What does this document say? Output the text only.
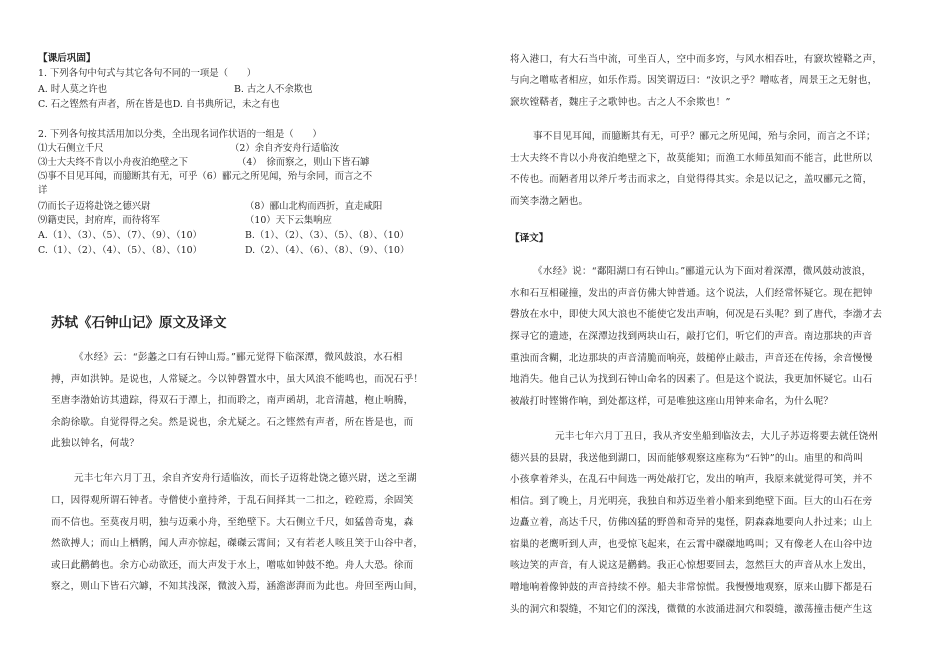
【课后巩固】
1. 下列各句中句式与其它各句不同的一项是（　　）
A. 时人莫之许也	B. 古之人不余欺也
C. 石之铿然有声者，所在皆是也D. 自书典所记，未之有也
2. 下列各句按其活用加以分类，全出现名词作状语的一组是（　　）
⑴大石侧立千尺	（2）余自齐安舟行适临汝
⑶士大夫终不肯以小舟夜泊绝壁之下	（4）　徐而察之，则山下皆石罅
⑸事不目见耳闻，而臆断其有无，可乎（6）郦元之所见闻，殆与余同，而言之不
详
⑺而长子迈将赴饶之德兴尉	（8）郦山北构而西折，直走咸阳
⑼籍吏民，封府库，而待将军	（10）天下云集响应
A.（1）、（3）、（5）、（7）、（9）、（10）	B.（1）、（2）、（3）、（5）、（8）、（10）
C.（1）、（2）、（4）、（5）、（8）、（10）	D.（2）、（4）、（6）、（8）、（9）、（10）
苏轼《石钟山记》原文及译文
《水经》云：“彭蠡之口有石钟山焉。”郦元觉得下临深潭，微风鼓浪，水石相
搏，声如洪钟。是说也，人常疑之。今以钟磬置水中，虽大风浪不能鸣也，而况石乎！
至唐李渤始访其遗踪，得双石于潭上，扣而聆之，南声函胡，北音清越，枹止响腾，
余韵徐歇。自觉得得之矣。然是说也，余尤疑之。石之铿然有声者，所在皆是也，而
此独以钟名，何哉？
元丰七年六月丁丑，余自齐安舟行适临汝，而长子迈将赴饶之德兴尉，送之至湖
口，因得观所谓石钟者。寺僧使小童持斧，于乱石间择其一二扣之，硿硿焉，余固笑
而不信也。至莫夜月明，独与迈乘小舟，至绝壁下。大石侧立千尺，如猛兽奇鬼，森
然欲搏人；而山上栖鹘，闻人声亦惊起，磔磔云霄间；又有若老人咳且笑于山谷中者，
或曰此鹳鹤也。余方心动欲还，而大声发于水上，噌吰如钟鼓不绝。舟人大恐。徐而
察之，则山下皆石穴罅，不知其浅深，微波入焉，涵澹澎湃而为此也。舟回至两山间，
将入港口，有大石当中流，可坐百人，空中而多窍，与风水相吞吐，有窾坎镗鞳之声，
与向之噌吰者相应，如乐作焉。因笑谓迈曰：“汝识之乎？噌吰者，周景王之无射也，
窾坎镗鞳者，魏庄子之歌钟也。古之人不余欺也！”
事不目见耳闻，而臆断其有无，可乎？郦元之所见闻，殆与余同，而言之不详；
士大夫终不肯以小舟夜泊绝壁之下，故莫能知；而渔工水师虽知而不能言，此世所以
不传也。而陋者用以斧斤考击而求之，自觉得得其实。余是以记之，盖叹郦元之简，
而笑李渤之陋也。
【译文】
《水经》说：“鄱阳湖口有石钟山。”郦道元认为下面对着深潭，微风鼓动波浪，
水和石互相碰撞，发出的声音仿佛大钟普通。这个说法，人们经常怀疑它。现在把钟
磬放在水中，即使大风大浪也不能使它发出声响，何况是石头呢？到了唐代，李渤才去
探寻它的遗迹，在深潭边找到两块山石，敲打它们，听它们的声音。南边那块的声音
重浊而含糊，北边那块的声音清脆而响亮，鼓槌停止敲击，声音还在传扬，余音慢慢
地消失。他自己认为找到石钟山命名的因素了。但是这个说法，我更加怀疑它。山石
被敲打时铿锵作响，到处都这样，可是唯独这座山用钟来命名，为什么呢？
元丰七年六月丁丑日，我从齐安坐船到临汝去，大儿子苏迈将要去就任饶州
德兴县的县尉，我送他到湖口，因而能够观察这座称为“石钟”的山。庙里的和尚叫
小孩拿着斧头，在乱石中间选一两处敲打它，发出的响声，我原来就觉得可笑，并不
相信。到了晚上，月光明亮，我独自和苏迈坐着小船来到绝壁下面。巨大的山石在旁
边矗立着，高达千尺，仿佛凶猛的野兽和奇异的鬼怪，阴森森地要向人扑过来；山上
宿巢的老鹰听到人声，也受惊飞起来，在云霄中磔磔地鸣叫；又有像老人在山谷中边
咳边笑的声音，有人说这是鹳鹤。我正心惊想要回去，忽然巨大的声音从水上发出，
噌地响着像钟鼓的声音持续不停。船夫非常惊慌。我慢慢地观察，原来山脚下都是石
头的洞穴和裂缝，不知它们的深浅，微微的水波涌进洞穴和裂缝，激荡撞击便产生这
